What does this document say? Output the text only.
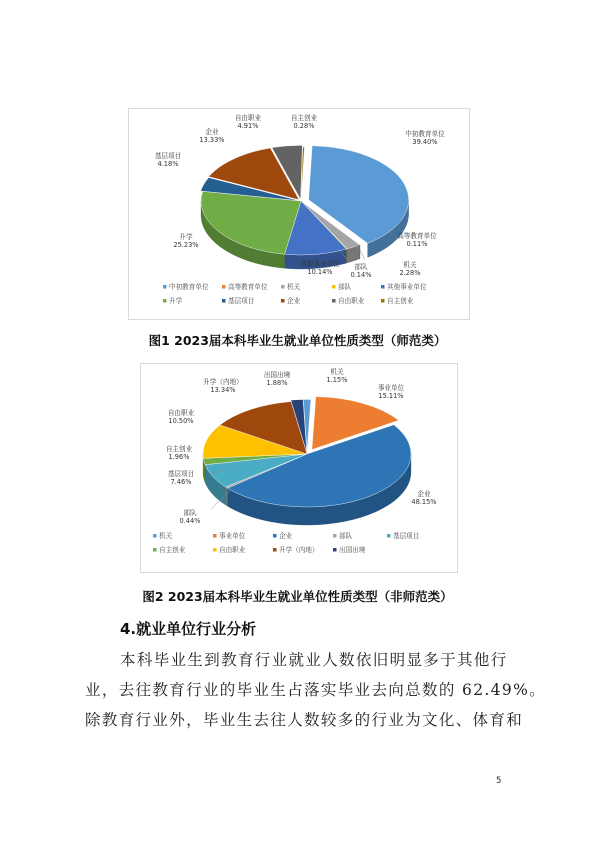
中初教育单位
39.40%
高等教育单位
0.11%
机关
2.28%
部队
0.14%
其他事业单位
10.14%
升学
25.23%
基层项目
4.18%
企业
13.33%
自由职业
4.91%
自主创业
0.28%
中初教育单位	高等教育单位	机关	部队	其他事业单位
升学	基层项目	企业	自由职业	自主创业
图1 2023届本科毕业生就业单位性质类型（师范类）
机关
1.15%
事业单位
15.11%
企业
48.15%
部队
0.44%
基层项目
7.46%
自主创业
1.96%
自由职业
10.50%
升学（内地）
13.34%
出国出境
1.88%
机关	事业单位	企业	部队	基层项目
自主创业	自由职业	升学（内地）	出国出境
图2 2023届本科毕业生就业单位性质类型（非师范类）
4.就业单位行业分析
本科毕业生到教育行业就业人数依旧明显多于其他行
业，去往教育行业的毕业生占落实毕业去向总数的 62.49%。
除教育行业外，毕业生去往人数较多的行业为文化、体育和
5
